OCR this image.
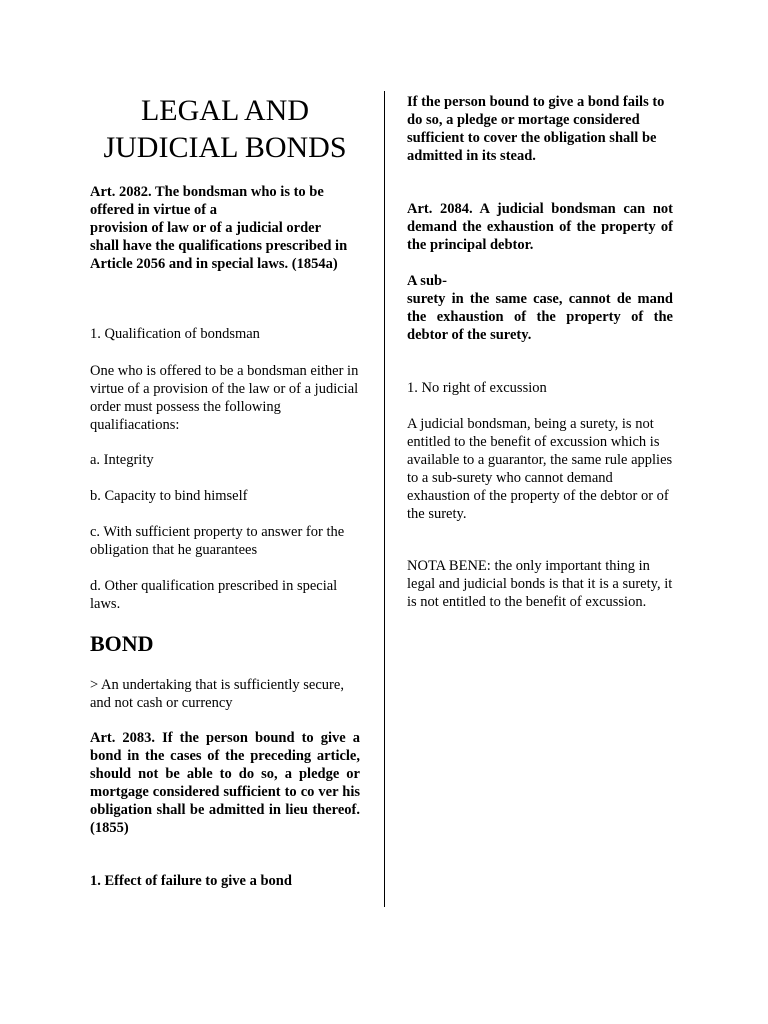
LEGAL AND
JUDICIAL BONDS

Art. 2082. The bondsman who is to be offered in virtue of a
provision of law or of a judicial order
shall have the qualifications prescribed in Article 2056 and in special laws. (1854a)

1. Qualification of bondsman

One who is offered to be a bondsman either in virtue of a provision of the law or of a judicial order must possess the following qualifiacations:

a. Integrity

b. Capacity to bind himself

c. With sufficient property to answer for the obligation that he guarantees

d. Other qualification prescribed in special laws.

BOND

> An undertaking that is sufficiently secure, and not cash or currency

Art. 2083. If the person bound to give a bond in the cases of the preceding article, should not be able to do so, a pledge or mortgage considered sufficient to co ver his obligation shall be admitted in lieu thereof. (1855)

1. Effect of failure to give a bond

If the person bound to give a bond fails to do so, a pledge or mortage considered sufficient to cover the obligation shall be admitted in its stead.

Art. 2084. A judicial bondsman can not demand the exhaustion of the property of the principal debtor.

A sub-
surety in the same case, cannot de mand the exhaustion of the property of the debtor of the surety.

1. No right of excussion

A judicial bondsman, being a surety, is not entitled to the benefit of excussion which is available to a guarantor, the same rule applies to a sub-surety who cannot demand exhaustion of the property of the debtor or of the surety.

NOTA BENE: the only important thing in legal and judicial bonds is that it is a surety, it is not entitled to the benefit of excussion.
